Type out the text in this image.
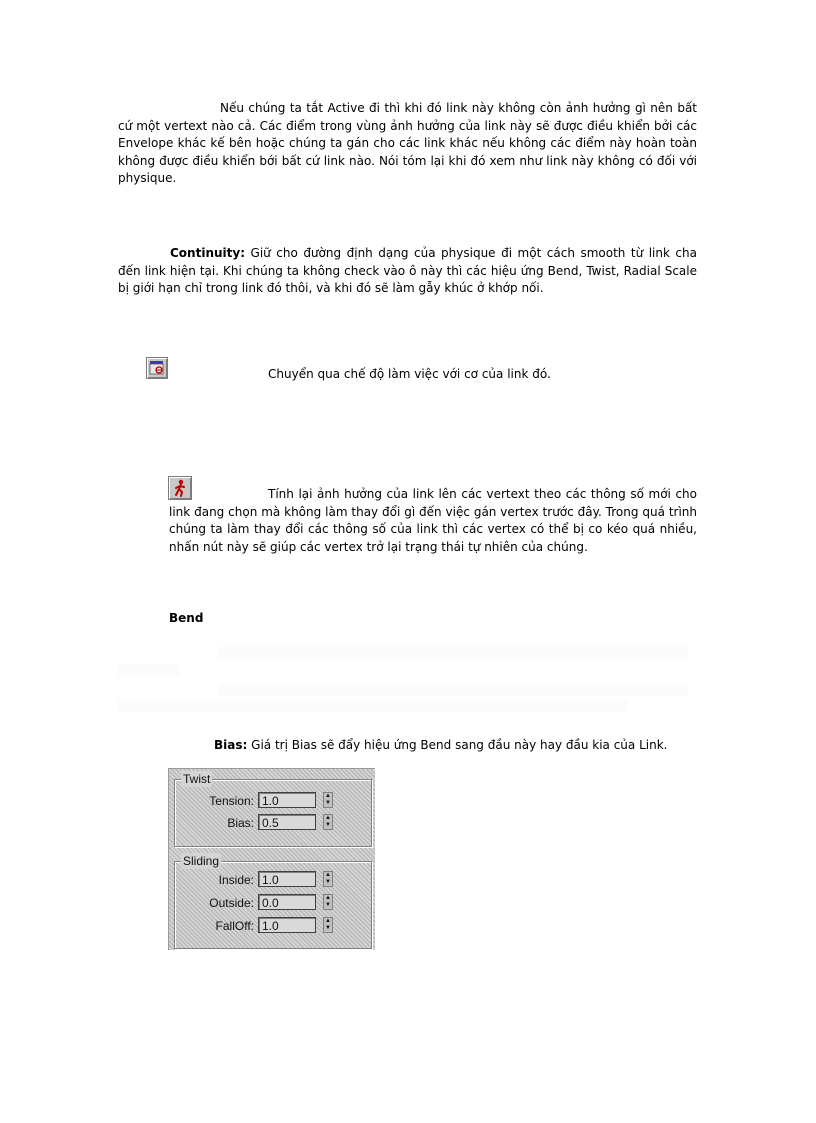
Nếu chúng ta tắt Active đi thì khi đó link này không còn ảnh hưởng gì nên bất cứ một vertext nào cả. Các điểm trong vùng ảnh hưởng của link này sẽ được điều khiển bởi các Envelope khác kế bên hoặc chúng ta gán cho các link khác nếu không các điểm này hoàn toàn không được điều khiển bới bất cứ link nào. Nói tóm lại khi đó xem như link này không có đối với physique.
Continuity: Giữ cho đường định dạng của physique đi một cách smooth từ link cha đến link hiện tại. Khi chúng ta không check vào ô này thì các hiệu ứng Bend, Twist, Radial Scale bị giới hạn chỉ trong link đó thôi, và khi đó sẽ làm gẫy khúc ở khớp nối.
Chuyển qua chế độ làm việc với cơ của link đó.
Tính lại ảnh hưởng của link lên các vertext theo các thông số mới cho link đang chọn mà không làm thay đổi gì đến việc gán vertex trước đây. Trong quá trình chúng ta làm thay đổi các thông số của link thì các vertex có thể bị co kéo quá nhiều, nhấn nút này sẽ giúp các vertex trở lại trạng thái tự nhiên của chúng.
Bend
Bias: Giá trị Bias sẽ đẩy hiệu ứng Bend sang đầu này hay đầu kia của Link.
Twist
Tension: 1.0	▲
▼
Bias: 0.5	▲
▼
Sliding
Inside: 1.0	▲
▼
Outside: 0.0	▲
▼
FallOff: 1.0	▲
▼
